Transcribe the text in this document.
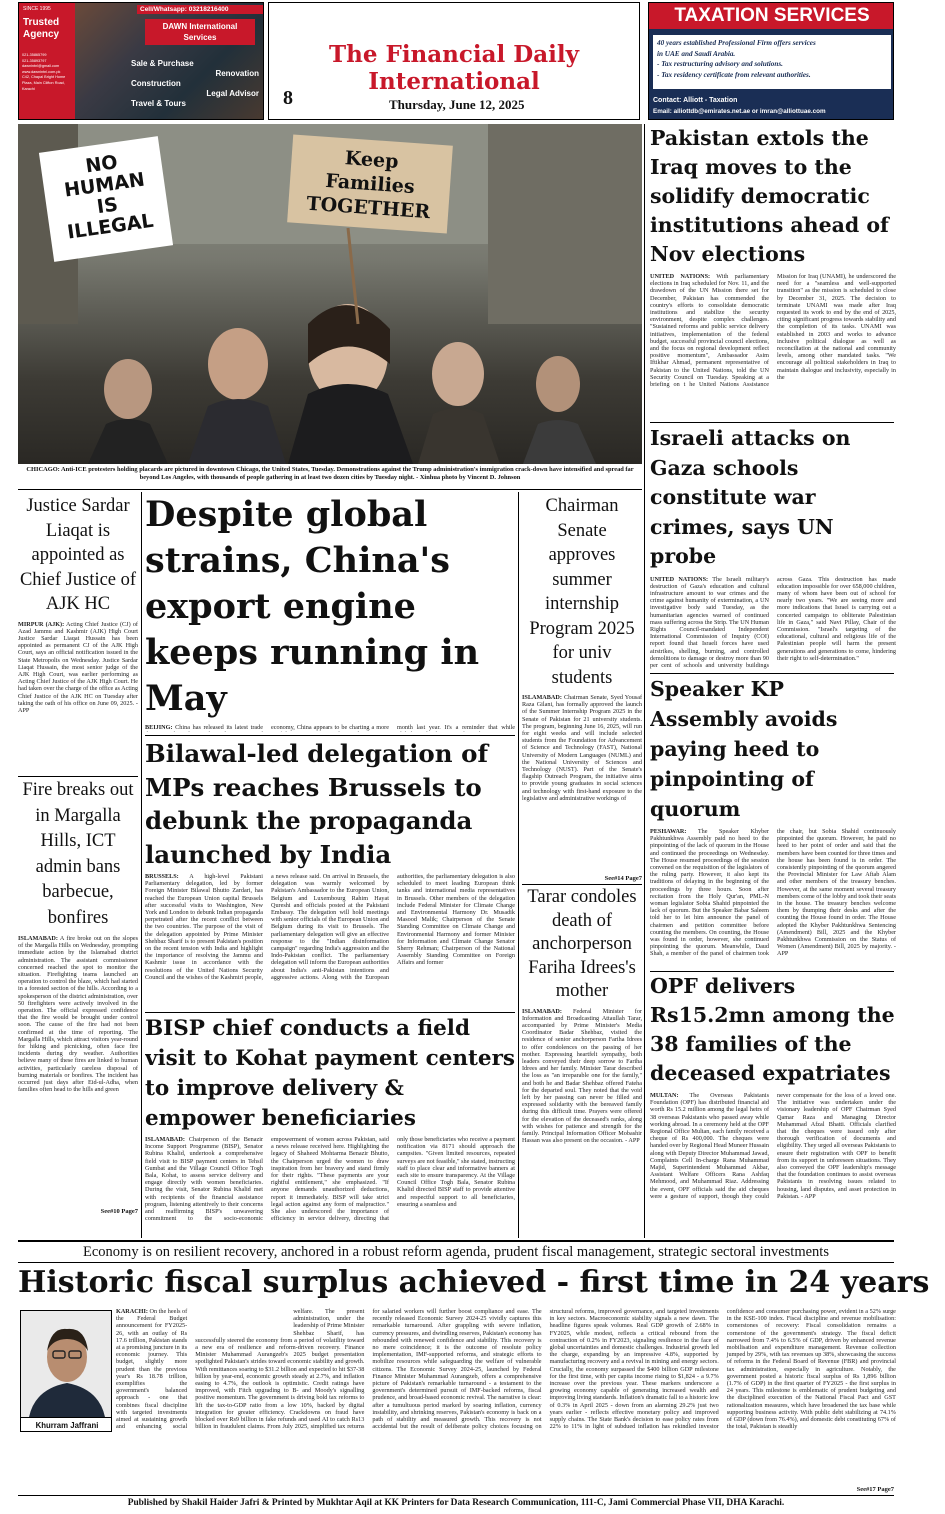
Trusted
Agency
SINCE 1995
021-35865799
021-35893797
dawnintnl@gmail.com
www.dawnintnl.com.pk
C42, Chapal Bright Home
Plaza, Main Clifton Road,
Karachi
Cell/Whatsapp: 03218216400
DAWN International Services
Sale & Purchase
Renovation
Construction
Legal Advisor
Travel & Tours
The Financial Daily International
8	Thursday, June 12, 2025
TAXATION SERVICES
40 years established Professional Firm offers services
in UAE and Saudi Arabia.
- Tax restructuring advisory and solutions.
- Tax residency certificate from relevant authorities.
Contact: Alliott - Taxation
Email: alliottdb@emirates.net.ae or imran@alliottuae.com
NO HUMAN IS ILLEGAL
Keep Families TOGETHER
CHICAGO: Anti-ICE protesters holding placards are pictured in downtown Chicago, the United States, Tuesday. Demonstrations against the Trump administration's immigration crack-down have intensified and spread far beyond Los Angeles, with thousands of people gathering in at least two dozen cities by Tuesday night. - Xinhua photo by Vincent D. Johnson
Pakistan extols the Iraq moves to the solidify democratic institutions ahead of Nov elections
UNITED NATIONS: With parliamentary elections in Iraq scheduled for Nov. 11, and the drawdown of the UN Mission there set for December, Pakistan has commended the country's efforts to consolidate democratic institutions and stabilize the security environment, despite complex challenges. "Sustained reforms and public service delivery initiatives, implementation of the federal budget, successful provincial council elections, and the focus on regional development reflect positive momentum", Ambassador Asim Iftikhar Ahmad, permanent representative of Pakistan to the United Nations, told the UN Security Council on Tuesday. Speaking at a briefing on t he United Nations Assistance Mission for Iraq (UNAMI), he underscored the need for a "seamless and well-supported transition" as the mission is scheduled to close by December 31, 2025. The decision to terminate UNAMI was made after Iraq requested its work to end by the end of 2025, citing significant progress towards stability and the completion of its tasks. UNAMI was established in 2003 and works to advance inclusive political dialogue as well as reconciliation at the national and community levels, among other mandated tasks. "We encourage all political stakeholders in Iraq to maintain dialogue and inclusivity, especially in the
Israeli attacks on Gaza schools constitute war crimes, says UN probe
UNITED NATIONS: The Israeli military's destruction of Gaza's education and cultural infrastructure amount to war crimes and the crime against humanity of extermination, a UN investigative body said Tuesday, as the humanitarian agencies warned of continued mass suffering across the Strip. The UN Human Rights Council-mandated Independent International Commission of Inquiry (COI) report found that Israeli forces have used airstrikes, shelling, burning, and controlled demolitions to damage or destroy more than 90 per cent of schools and university buildings across Gaza. This destruction has made education impossible for over 658,000 children, many of whom have been out of school for nearly two years. "We are seeing more and more indications that Israel is carrying out a concerted campaign to obliterate Palestinian life in Gaza," said Navi Pillay, Chair of the Commission. "Israel's targeting of the educational, cultural and religious life of the Palestinian people will harm the present generations and generations to come, hindering their right to self-determination."
Speaker KP Assembly avoids paying heed to pinpointing of quorum
PESHAWAR: The Speaker Khyber Pakhtunkhwa Assembly paid no heed to the pinpointing of the lack of quorum in the House and continued the proceedings on Wednesday. The House resumed proceedings of the session convened on the requisition of the legislators of the ruling party. However, it also kept its traditions of delaying in the beginning of the proceedings by three hours. Soon after recitation from the Holy Qur'an, PML-N woman legislator Sobia Shahid pinpointed the lack of quorum. But the Speaker Babar Saleem told her to let him announce the panel of chairmen and petition committee before counting the members. On counting, the House was found in order, however, she continued pinpointing the quorum. Meanwhile, Daud Shah, a member of the panel of chairmen took the chair, but Sobia Shahid continuously pinpointed the quorum. However, he paid no heed to her point of order and said that the members have been counted for three times and the house has been found is in order. The consistently pinpointing of the quorum angered the Provincial Minister for Law Aftab Alam and other members of the treasury benches. However, at the same moment several treasury members come of the lobby and took their seats in the house. The treasury benches welcome them by thumping their desks and after the counting the House found in order. The House adopted the Khyber Pakhtunkhwa Sentencing (Amendment) Bill, 2025 and the Khyber Pakhtunkhwa Commission on the Status of Women (Amendment) Bill, 2025 by majority. - APP
OPF delivers Rs15.2mn among the 38 families of the deceased expatriates
MULTAN: The Overseas Pakistanis Foundation (OPF) has distributed financial aid worth Rs 15.2 million among the legal heirs of 38 overseas Pakistanis who passed away while working abroad. In a ceremony held at the OPF Regional Office Multan, each family received a cheque of Rs 400,000. The cheques were handed over by Regional Head Muneer Hussain along with Deputy Director Muhammad Jawad, Complaints Cell In-charge Rana Muhammad Majid, Superintendent Muhammad Akbar, Assistant Welfare Officers Rana Ashfaq Mehmood, and Muhammad Riaz. Addressing the event, OPF officials said the aid cheques were a gesture of support, though they could never compensate for the loss of a loved one. The initiative was undertaken under the visionary leadership of OPF Chairman Syed Qamar Raza and Managing Director Muhammad Afzal Bhatti. Officials clarified that the cheques were issued only after thorough verification of documents and eligibility. They urged all overseas Pakistanis to ensure their registration with OPF to benefit from its support in unforeseen situations. They also conveyed the OPF leadership's message that the foundation continues to assist overseas Pakistanis in resolving issues related to housing, land disputes, and asset protection in Pakistan. - APP
Justice Sardar Liaqat is appointed as Chief Justice of AJK HC
MIRPUR (AJK): Acting Chief Justice (CJ) of Azad Jammu and Kashmir (AJK) High Court Justice Sardar Liaqat Hussain has been appointed as permanent CJ of the AJK High Court, says an official notification issued in the State Metropolis on Wednesday. Justice Sardar Liaqat Hussain, the most senior judge of the AJK High Court, was earlier performing as Acting Chief Justice of the AJK High Court. He had taken over the charge of the office as Acting Chief Justice of the AJK HC on Tuesday after taking the oath of his office on June 09, 2025. - APP
Fire breaks out in Margalla Hills, ICT admin bans barbecue, bonfires
ISLAMABAD: A fire broke out on the slopes of the Margalla Hills on Wednesday, prompting immediate action by the Islamabad district administration. The assistant commissioner concerned reached the spot to monitor the situation. Firefighting teams launched an operation to control the blaze, which had started in a forested section of the hills. According to a spokesperson of the district administration, over 50 firefighters were actively involved in the operation. The official expressed confidence that the fire would be brought under control soon. The cause of the fire had not been confirmed at the time of reporting. The Margalla Hills, which attract visitors year-round for hiking and picnicking, often face fire incidents during dry weather. Authorities believe many of these fires are linked to human activities, particularly careless disposal of burning materials or bonfires. The incident has occurred just days after Eid-ul-Adha, when families often head to the hills and green
See#10 Page7
Despite global strains, China's export engine keeps running in May
BEIJING: China has released its latest trade economy, China appears to be charting a more month last year. It's a reminder that while
Bilawal-led delegation of MPs reaches Brussels to debunk the propaganda launched by India
BRUSSELS: A high-level Pakistani Parliamentary delegation, led by former Foreign Minister Bilawal Bhutto Zardari, has reached the European Union capital Brussels after successful visits to Washington, New York and London to debunk Indian propaganda perpetrated after the recent conflict between the two countries. The purpose of the visit of the delegation appointed by Prime Minister Shehbaz Sharif is to present Pakistan's position on the recent tension with India and highlight the importance of resolving the Jammu and Kashmir issue in accordance with the resolutions of the United Nations Security Council and the wishes of the Kashmiri people, a news release said. On arrival in Brussels, the delegation was warmly welcomed by Pakistan's Ambassador to the European Union, Belgium and Luxembourg Rahim Hayat Qureshi and officials posted at the Pakistani Embassy. The delegation will hold meetings with senior officials of the European Union and Belgium during its visit to Brussels. The parliamentary delegation will give an effective response to the "Indian disinformation campaign" regarding India's aggression and the Indo-Pakistan conflict. The parliamentary delegation will inform the European authorities about India's anti-Pakistan intentions and aggressive actions. Along with the European authorities, the parliamentary delegation is also scheduled to meet leading European think tanks and international media representatives in Brussels. Other members of the delegation include Federal Minister for Climate Change and Environmental Harmony Dr. Musadik Masood Malik; Chairperson of the Senate Standing Committee on Climate Change and Environmental Harmony and former Minister for Information and Climate Change Senator Sherry Rehman; Chairperson of the National Assembly Standing Committee on Foreign Affairs and former
BISP chief conducts a field visit to Kohat payment centers to improve delivery & empower beneficiaries
ISLAMABAD: Chairperson of the Benazir Income Support Programme (BISP), Senator Rubina Khalid, undertook a comprehensive field visit to BISP payment centers in Tehsil Gumbat and the Village Council Office Togh Bala, Kohat, to assess service delivery and engage directly with women beneficiaries. During the visit, Senator Rubina Khalid met with recipients of the financial assistance program, listening attentively to their concerns and reaffirming BISP's unwavering commitment to the socio-economic empowerment of women across Pakistan, said a news release received here. Highlighting the legacy of Shaheed Mohtarma Benazir Bhutto, the Chairperson urged the women to draw inspiration from her bravery and stand firmly for their rights. "These payments are your rightful entitlement," she emphasized. "If anyone demands unauthorized deductions, report it immediately. BISP will take strict legal action against any form of malpractice." She also underscored the importance of efficiency in service delivery, directing that only those beneficiaries who receive a payment notification via 8171 should approach the campsites. "Given limited resources, repeated surveys are not feasible," she stated, instructing staff to place clear and informative banners at each site to ensure transparency. At the Village Council Office Togh Bala, Senator Rubina Khalid directed BISP staff to provide attentive and respectful support to all beneficiaries, ensuring a seamless and
Chairman Senate approves summer internship Program 2025 for univ students
ISLAMABAD: Chairman Senate, Syed Yousaf Raza Gilani, has formally approved the launch of the Summer Internship Program 2025 in the Senate of Pakistan for 21 university students. The program, beginning June 16, 2025, will run for eight weeks and will include selected students from the Foundation for Advancement of Science and Technology (FAST), National University of Modern Languages (NUML) and the National University of Sciences and Technology (NUST). Part of the Senate's flagship Outreach Program, the initiative aims to provide young graduates in social sciences and technology with first-hand exposure to the legislative and administrative workings of
See#14 Page7
Tarar condoles death of anchorperson Fariha Idrees's mother
ISLAMABAD: Federal Minister for Information and Broadcasting Attaullah Tarar, accompanied by Prime Minister's Media Coordinator Badar Shehbaz, visited the residence of senior anchorperson Fariha Idrees to offer condolences on the passing of her mother. Expressing heartfelt sympathy, both leaders conveyed their deep sorrow to Fariha Idrees and her family. Minister Tarar described the loss as "an irreparable one for the family," and both he and Badar Shehbaz offered Fateha for the departed soul. They noted that the void left by her passing can never be filled and expressed solidarity with the bereaved family during this difficult time. Prayers were offered for the elevation of the deceased's ranks, along with wishes for patience and strength for the family. Principal Information Officer Mobashir Hassan was also present on the occasion. - APP
Economy is on resilient recovery, anchored in a robust reform agenda, prudent fiscal management, strategic sectoral investments
Historic fiscal surplus achieved - first time in 24 years
Khurram Jaffrani
KARACHI: On the heels of the Federal Budget announcement for FY2025-26, with an outlay of Rs 17.6 trillion, Pakistan stands at a promising juncture in its economic journey. This budget, slightly more prudent than the previous year's Rs 18.78 trillion, exemplifies the government's balanced approach - one that combines fiscal discipline with targeted investments aimed at sustaining growth and enhancing social welfare. The present administration, under the leadership of Prime Minister Shehbaz Sharif, has successfully steered the economy from a period of volatility toward a new era of resilience and reform-driven recovery. Finance Minister Muhammad Aurangzeb's 2025 budget presentation spotlighted Pakistan's strides toward economic stability and growth. With remittances soaring to $31.2 billion and expected to hit $37-38 billion by year-end, economic growth steady at 2.7%, and inflation easing to 4.7%, the outlook is optimistic. Credit ratings have improved, with Fitch upgrading to B- and Moody's signalling positive momentum. The government is driving bold tax reforms to lift the tax-to-GDP ratio from a low 10%, backed by digital integration for greater efficiency. Crackdowns on fraud have blocked over Rs9 billion in fake refunds and used AI to catch Rs13 billion in fraudulent claims. From July 2025, simplified tax returns for salaried workers will further boost compliance and ease. The recently released Economic Survey 2024-25 vividly captures this remarkable turnaround. After grappling with severe inflation, currency pressures, and dwindling reserves, Pakistan's economy has rebounded with renewed confidence and stability. This recovery is no mere coincidence; it is the outcome of resolute policy implementation, IMF-supported reforms, and strategic efforts to mobilize resources while safeguarding the welfare of vulnerable citizens. The Economic Survey 2024-25, launched by Federal Finance Minister Muhammad Aurangzeb, offers a comprehensive picture of Pakistan's remarkable turnaround - a testament to the government's determined pursuit of IMF-backed reforms, fiscal prudence, and broad-based economic revival. The narrative is clear: after a tumultuous period marked by soaring inflation, currency instability, and shrinking reserves, Pakistan's economy is back on a path of stability and measured growth. This recovery is not accidental but the result of deliberate policy choices focusing on structural reforms, improved governance, and targeted investments in key sectors. Macroeconomic stability signals a new dawn. The headline figures speak volumes. Real GDP growth of 2.68% in FY2025, while modest, reflects a critical rebound from the contraction of 0.2% in FY2023, signaling resilience in the face of global uncertainties and domestic challenges. Industrial growth led the charge, expanding by an impressive 4.8%, supported by manufacturing recovery and a revival in mining and energy sectors. Crucially, the economy surpassed the $400 billion GDP milestone for the first time, with per capita income rising to $1,824 - a 9.7% increase over the previous year. These markers underscore a growing economy capable of generating increased wealth and improving living standards. Inflation's dramatic fall to a historic low of 0.3% in April 2025 - down from an alarming 29.2% just two years earlier - reflects effective monetary policy and improved supply chains. The State Bank's decision to ease policy rates from 22% to 11% in light of subdued inflation has rekindled investor confidence and consumer purchasing power, evident in a 52% surge in the KSE-100 index. Fiscal discipline and revenue mobilisation: cornerstones of recovery: Fiscal consolidation remains a cornerstone of the government's strategy. The fiscal deficit narrowed from 7.4% to 6.5% of GDP, driven by enhanced revenue mobilisation and expenditure management. Revenue collection jumped by 29%, with tax revenues up 38%, showcasing the success of reforms in the Federal Board of Revenue (FBR) and provincial tax administration, especially in agriculture. Notably, the government posted a historic fiscal surplus of Rs 1,896 billion (1.7% of GDP) in the first quarter of FY2025 - the first surplus in 24 years. This milestone is emblematic of prudent budgeting and the disciplined execution of the National Fiscal Pact and GST rationalization measures, which have broadened the tax base while supporting business activity. With public debt stabilizing at 74.1% of GDP (down from 76.4%), and domestic debt constituting 67% of the total, Pakistan is steadily
See#17 Page7
Published by Shakil Haider Jafri & Printed by Mukhtar Aqil at KK Printers for Data Research Communication, 111-C, Jami Commercial Phase VII, DHA Karachi.
